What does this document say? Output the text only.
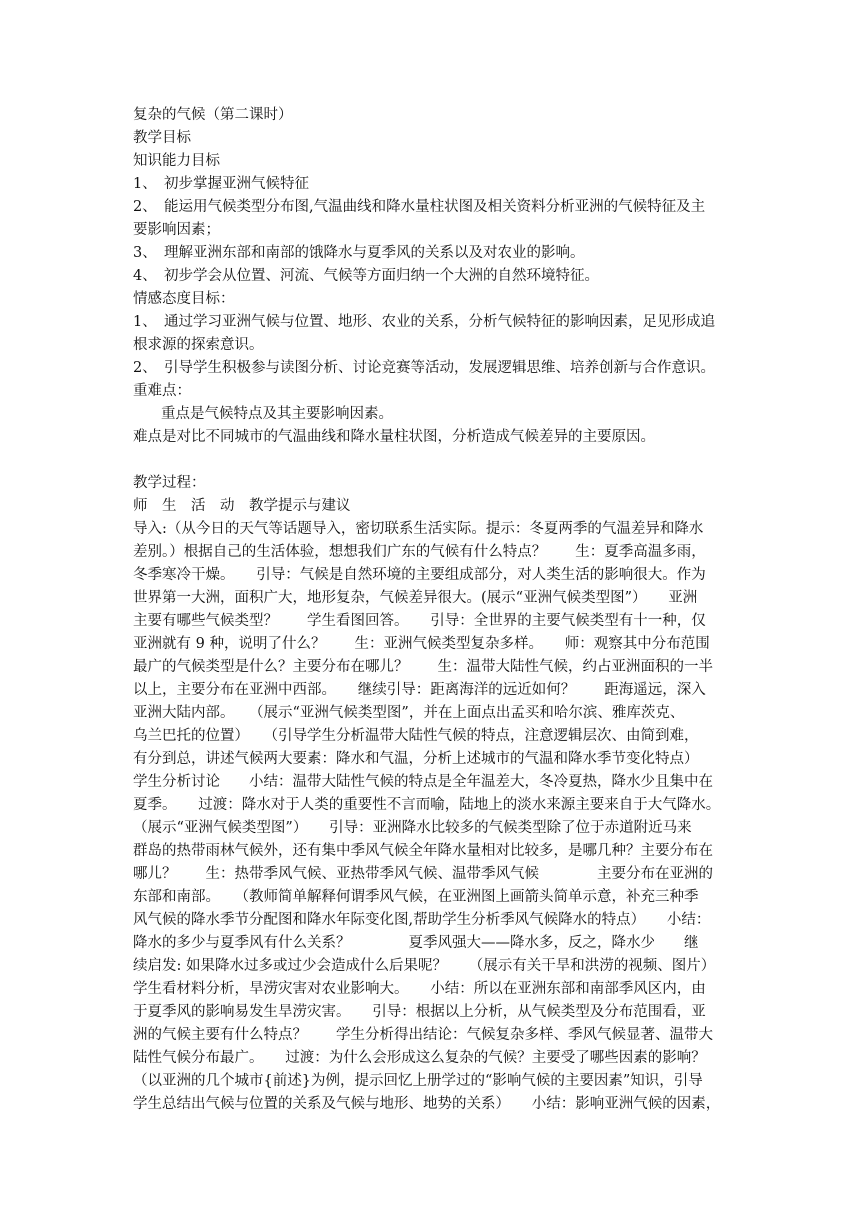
复杂的气候（第二课时）
教学目标
知识能力目标
1、　初步掌握亚洲气候特征
2、　能运用气候类型分布图,气温曲线和降水量柱状图及相关资料分析亚洲的气候特征及主
要影响因素；
3、　理解亚洲东部和南部的饿降水与夏季风的关系以及对农业的影响。
4、　初步学会从位置、河流、气候等方面归纳一个大洲的自然环境特征。
情感态度目标：
1、　通过学习亚洲气候与位置、地形、农业的关系，分析气候特征的影响因素，足见形成追
根求源的探索意识。
2、　引导学生积极参与读图分析、讨论竞赛等活动，发展逻辑思维、培养创新与合作意识。
重难点：
重点是气候特点及其主要影响因素。
难点是对比不同城市的气温曲线和降水量柱状图，分析造成气候差异的主要原因。
教学过程：
师　生　活　动　教学提示与建议
导入:（从今日的天气等话题导入，密切联系生活实际。提示：冬夏两季的气温差异和降水
差别。）根据自己的生活体验，想想我们广东的气候有什么特点？　　生：夏季高温多雨，
冬季寒冷干燥。　　引导：气候是自然环境的主要组成部分，对人类生活的影响很大。作为
世界第一大洲，面积广大，地形复杂，气候差异很大。(展示“亚洲气候类型图”）　　亚洲
主要有哪些气候类型？　　学生看图回答。　　引导：全世界的主要气候类型有十一种，仅
亚洲就有 9 种，说明了什么？　　生：亚洲气候类型复杂多样。　　师：观察其中分布范围
最广的气候类型是什么？主要分布在哪儿？　　生：温带大陆性气候，约占亚洲面积的一半
以上，主要分布在亚洲中西部。　　继续引导：距离海洋的远近如何？　　距海遥远，深入
亚洲大陆内部。　　（展示“亚洲气候类型图”，并在上面点出孟买和哈尔滨、雅库茨克、
乌兰巴托的位置）　　（引导学生分析温带大陆性气候的特点，注意逻辑层次、由简到难，
有分到总，讲述气候两大要素：降水和气温，分析上述城市的气温和降水季节变化特点）
学生分析讨论　　小结：温带大陆性气候的特点是全年温差大，冬冷夏热，降水少且集中在
夏季。　　过渡：降水对于人类的重要性不言而喻，陆地上的淡水来源主要来自于大气降水。
（展示“亚洲气候类型图”）　　引导：亚洲降水比较多的气候类型除了位于赤道附近马来
群岛的热带雨林气候外，还有集中季风气候全年降水量相对比较多，是哪几种？主要分布在
哪儿？　　生：热带季风气候、亚热带季风气候、温带季风气候　　　　主要分布在亚洲的
东部和南部。　　（教师简单解释何谓季风气候，在亚洲图上画箭头简单示意，补充三种季
风气候的降水季节分配图和降水年际变化图,帮助学生分析季风气候降水的特点）　　小结：
降水的多少与夏季风有什么关系？　　　　夏季风强大——降水多，反之，降水少　　继
续启发: 如果降水过多或过少会造成什么后果呢？　　（展示有关干旱和洪涝的视频、图片）
学生看材料分析，旱涝灾害对农业影响大。　　小结：所以在亚洲东部和南部季风区内，由
于夏季风的影响易发生旱涝灾害。　　引导：根据以上分析，从气候类型及分布范围看，亚
洲的气候主要有什么特点？　　学生分析得出结论：气候复杂多样、季风气候显著、温带大
陆性气候分布最广。　　过渡：为什么会形成这么复杂的气候？主要受了哪些因素的影响？
（以亚洲的几个城市{前述}为例，提示回忆上册学过的“影响气候的主要因素”知识，引导
学生总结出气候与位置的关系及气候与地形、地势的关系）　　小结：影响亚洲气候的因素，
